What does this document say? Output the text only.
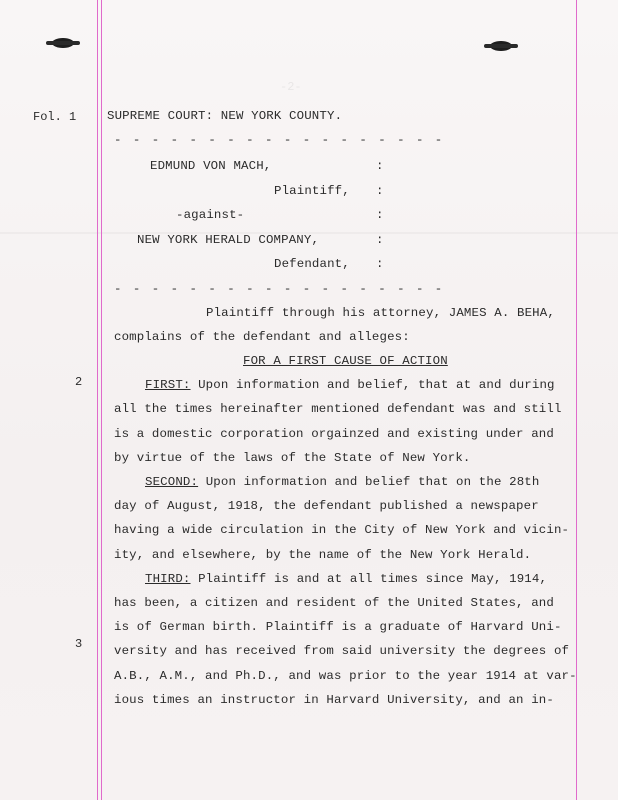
-2-
Fol. 1
2
3
SUPREME COURT: NEW YORK COUNTY.
- - - - - - - - - - - - - - - - - -
EDMUND VON MACH,	:
Plaintiff, :
-against-	:
NEW YORK HERALD COMPANY,	:
Defendant, :
- - - - - - - - - - - - - - - - - -
Plaintiff through his attorney, JAMES A. BEHA,
complains of the defendant and alleges:
FOR A FIRST CAUSE OF ACTION
FIRST: Upon information and belief, that at and during
all the times hereinafter mentioned defendant was and still
is a domestic corporation orgainzed and existing under and
by virtue of the laws of the State of New York.
SECOND: Upon information and belief that on the 28th
day of August, 1918, the defendant published a newspaper
having a wide circulation in the City of New York and vicin-
ity, and elsewhere, by the name of the New York Herald.
THIRD: Plaintiff is and at all times since May, 1914,
has been, a citizen and resident of the United States, and
is of German birth. Plaintiff is a graduate of Harvard Uni-
versity and has received from said university the degrees of
A.B., A.M., and Ph.D., and was prior to the year 1914 at var-
ious times an instructor in Harvard University, and an in-
